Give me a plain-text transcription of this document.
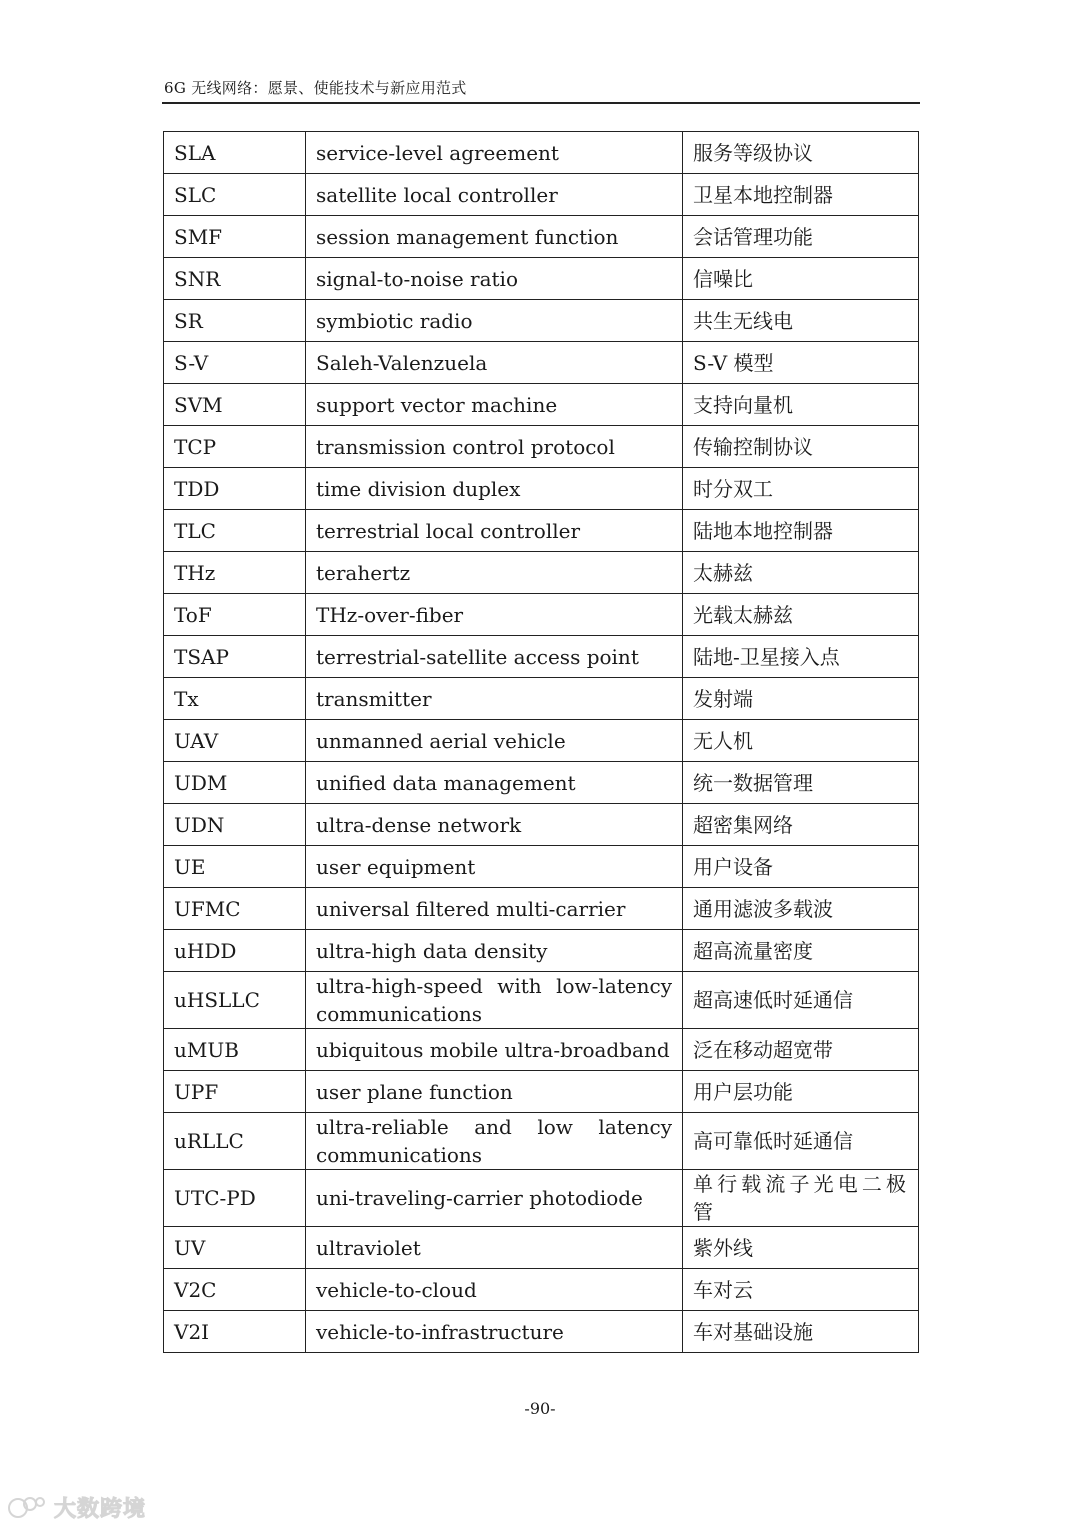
6G 无线网络：愿景、使能技术与新应用范式
SLA	service-level agreement	服务等级协议
SLC	satellite local controller	卫星本地控制器
SMF	session management function	会话管理功能
SNR	signal-to-noise ratio	信噪比
SR	symbiotic radio	共生无线电
S-V	Saleh-Valenzuela	S-V 模型
SVM	support vector machine	支持向量机
TCP	transmission control protocol	传输控制协议
TDD	time division duplex	时分双工
TLC	terrestrial local controller	陆地本地控制器
THz	terahertz	太赫兹
ToF	THz-over-fiber	光载太赫兹
TSAP	terrestrial-satellite access point	陆地-卫星接入点
Tx	transmitter	发射端
UAV	unmanned aerial vehicle	无人机
UDM	unified data management	统一数据管理
UDN	ultra-dense network	超密集网络
UE	user equipment	用户设备
UFMC	universal filtered multi-carrier	通用滤波多载波
uHDD	ultra-high data density	超高流量密度
uHSLLC	ultra-high-speed with low-latency communications	超高速低时延通信
uMUB	ubiquitous mobile ultra-broadband	泛在移动超宽带
UPF	user plane function	用户层功能
uRLLC	ultra-reliable and low latency communications	高可靠低时延通信
UTC-PD	uni-traveling-carrier photodiode	单行载流子光电二极管
UV	ultraviolet	紫外线
V2C	vehicle-to-cloud	车对云
V2I	vehicle-to-infrastructure	车对基础设施
-90-
大数跨境
